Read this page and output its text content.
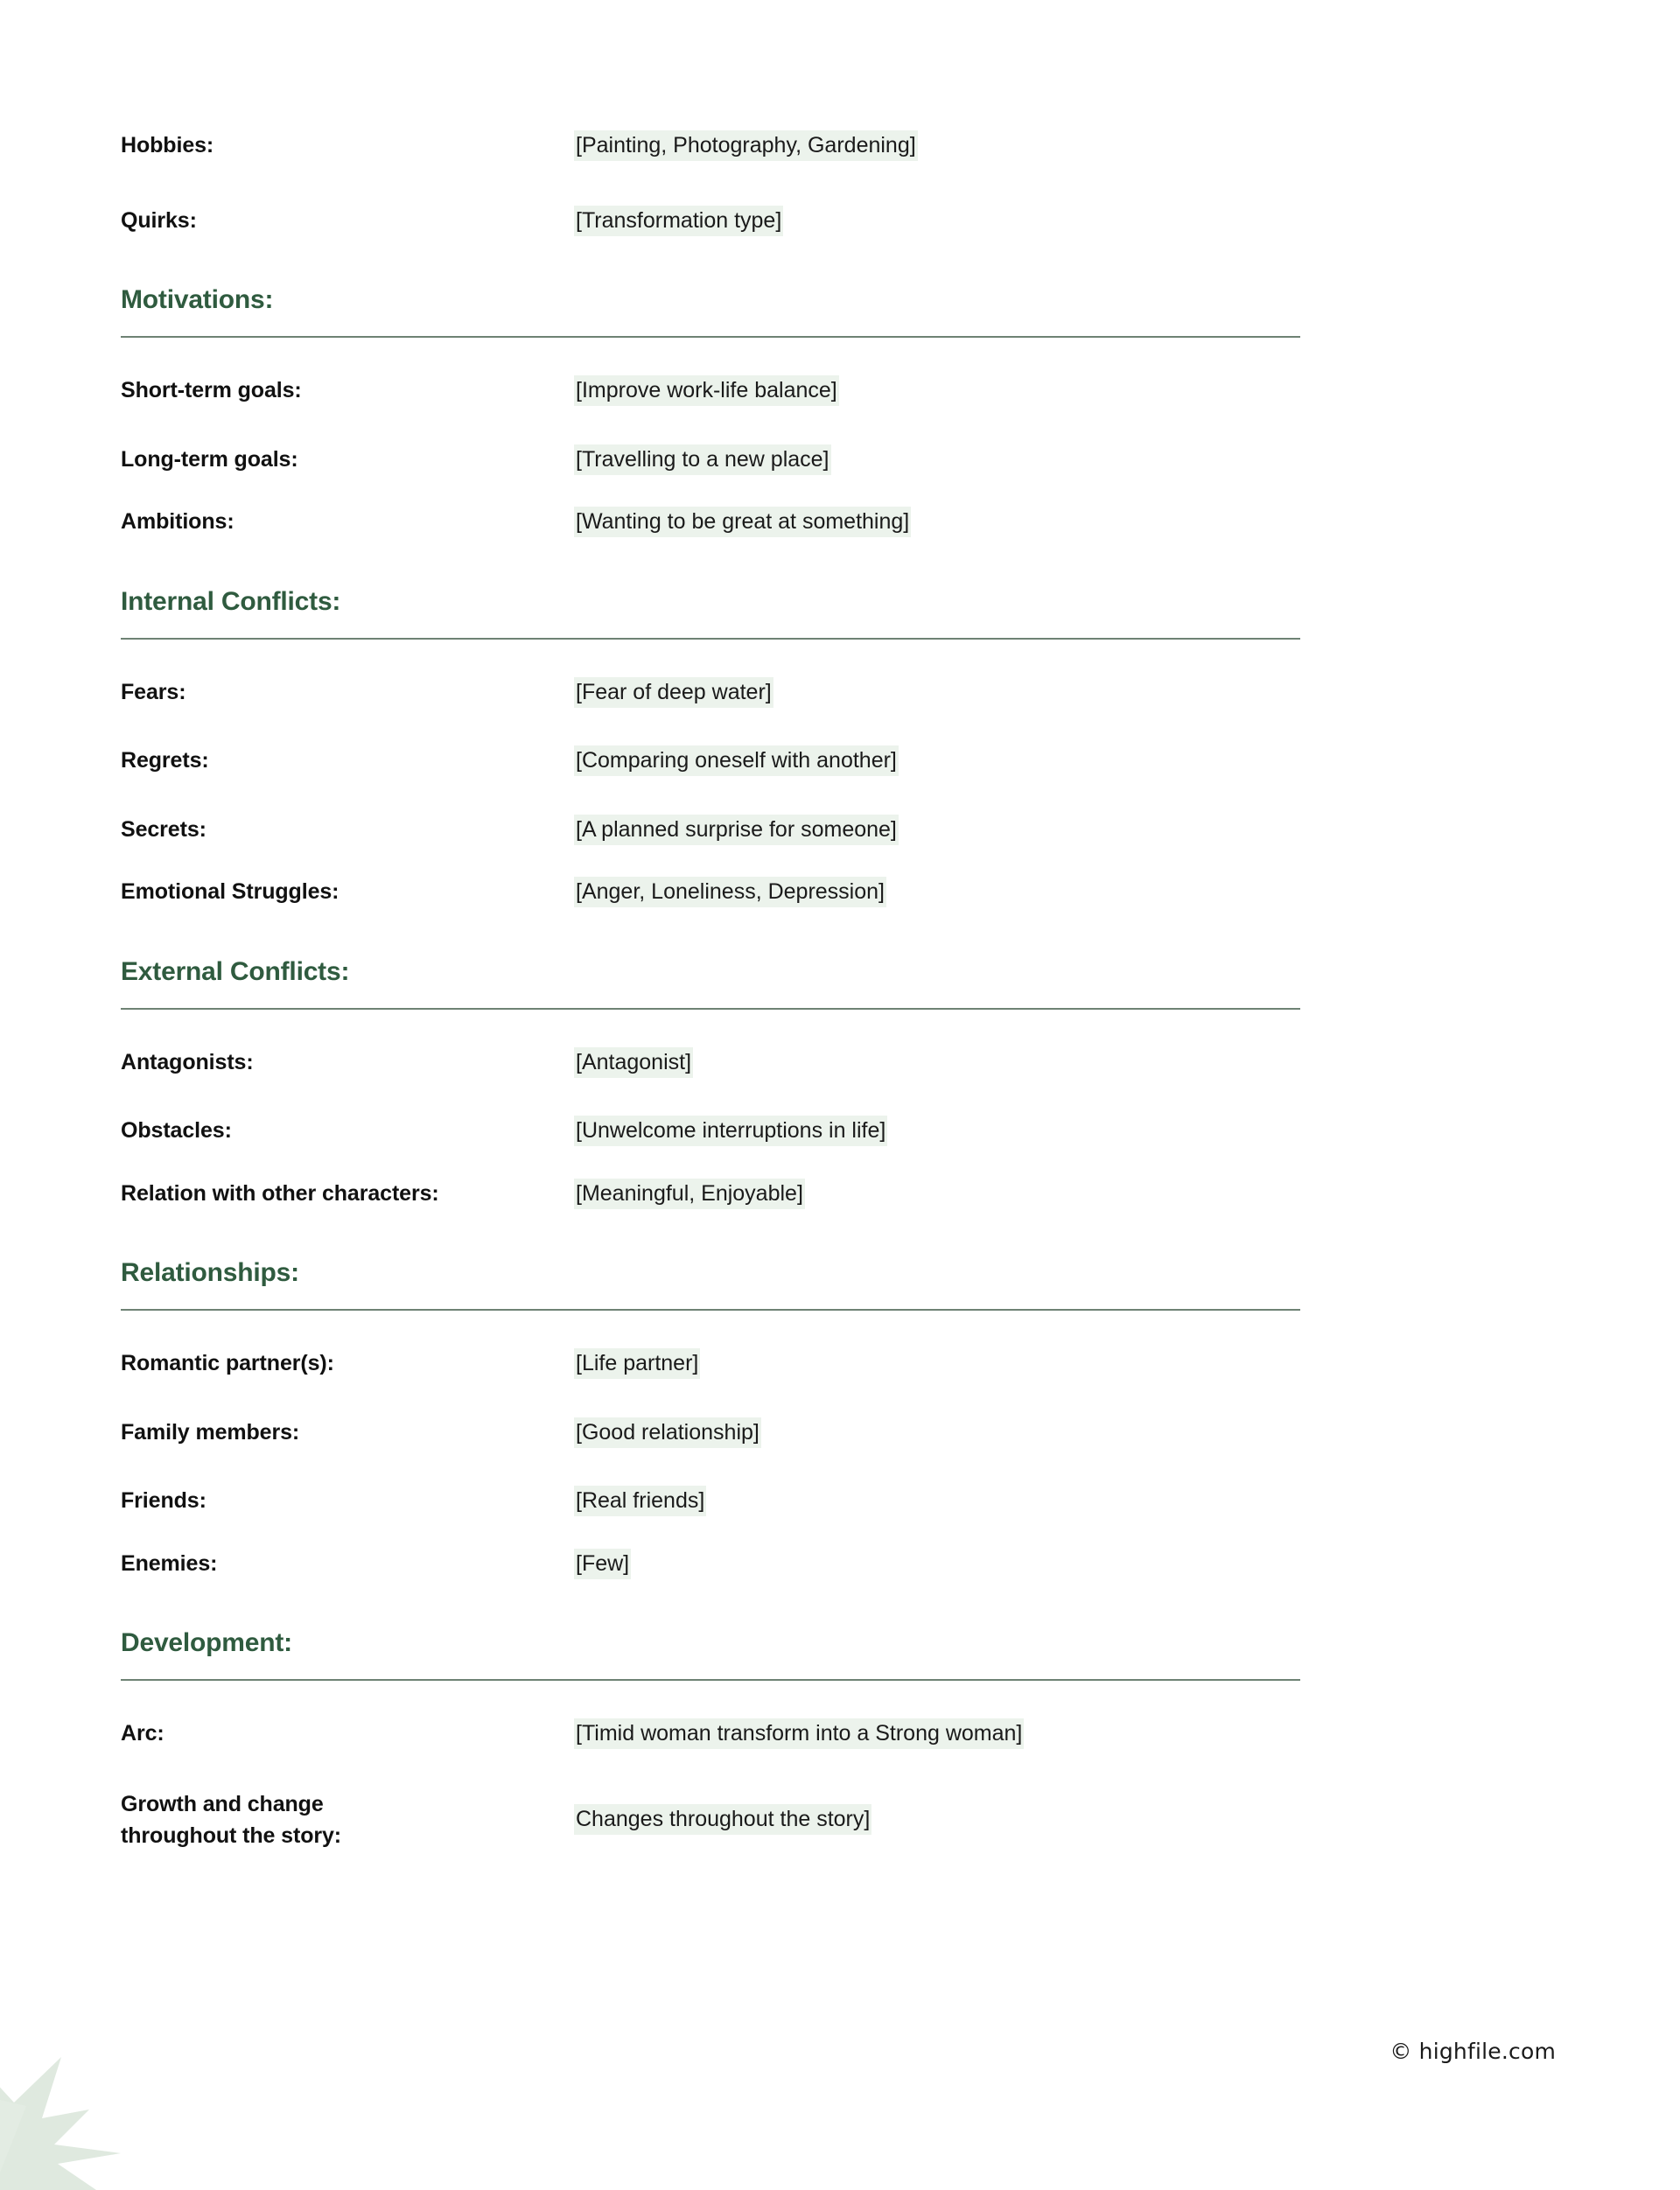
Hobbies:	[Painting, Photography, Gardening]
Quirks:	[Transformation type]
Motivations:
Short-term goals:	[Improve work-life balance]
Long-term goals:	[Travelling to a new place]
Ambitions:	[Wanting to be great at something]
Internal Conflicts:
Fears:	[Fear of deep water]
Regrets:	[Comparing oneself with another]
Secrets:	[A planned surprise for someone]
Emotional Struggles:	[Anger, Loneliness, Depression]
External Conflicts:
Antagonists:	[Antagonist]
Obstacles:	[Unwelcome interruptions in life]
Relation with other characters:	[Meaningful, Enjoyable]
Relationships:
Romantic partner(s):	[Life partner]
Family members:	[Good relationship]
Friends:	[Real friends]
Enemies:	[Few]
Development:
Arc:	[Timid woman transform into a Strong woman]
Growth and change
throughout the story:
Changes throughout the story]
© highfile.com
